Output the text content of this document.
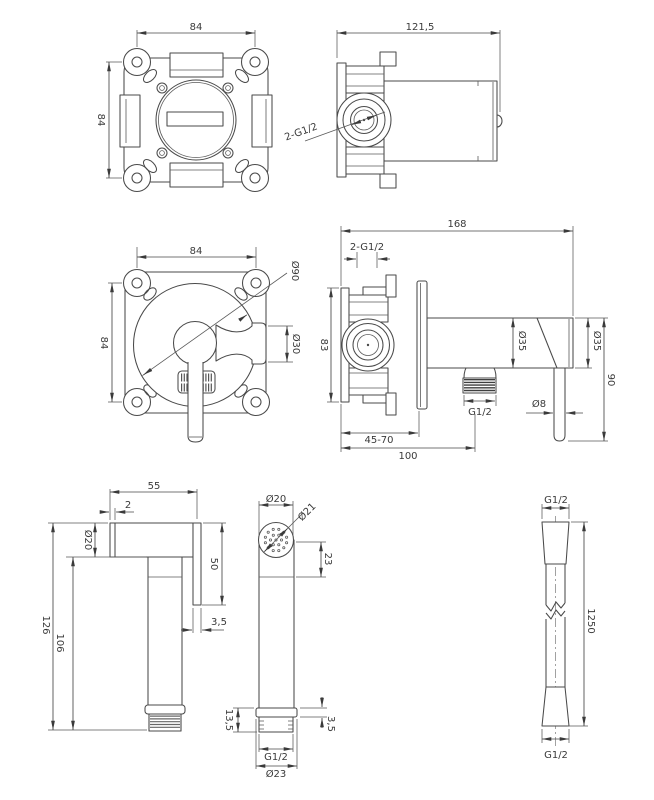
84
84
121,5
2-G1/2
84
84
Ø90
Ø30
168
2-G1/2
83	Ø35	Ø35
90
Ø8
G1/2
45-70
100
55
2
Ø20
50
3,5
126
106
Ø20
Ø21
23
13,5	3,5
G1/2
Ø23
G1/2
1250
G1/2
